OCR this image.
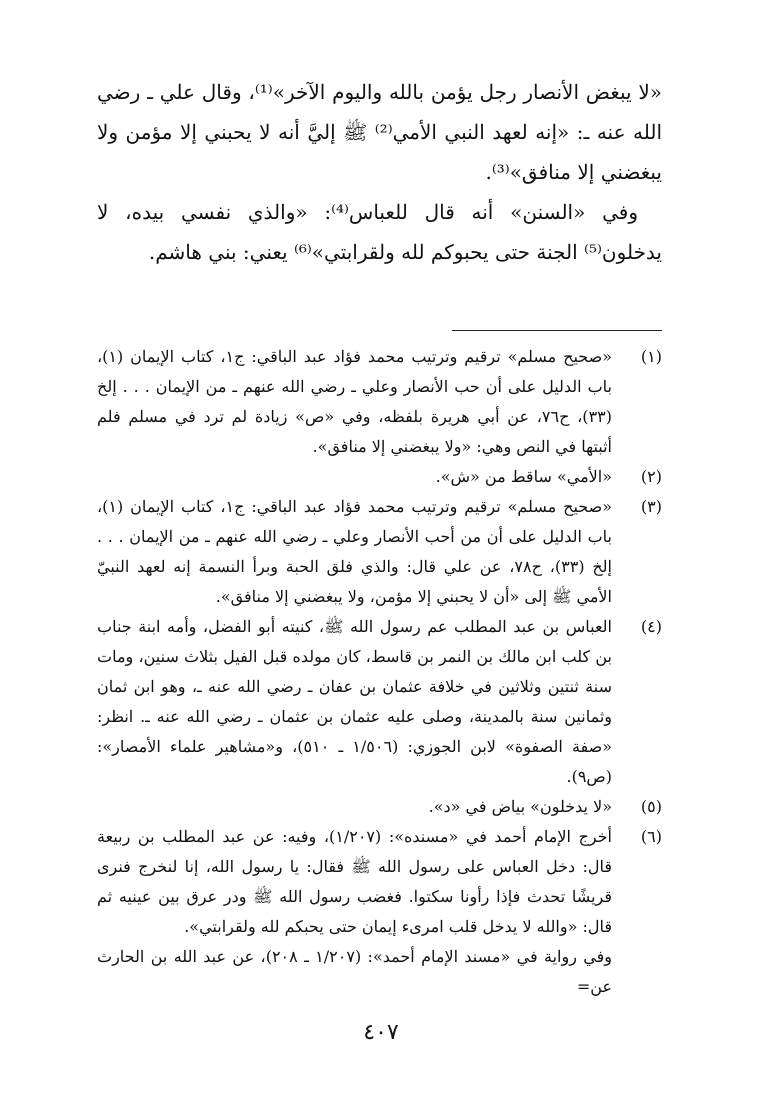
«لا يبغض الأنصار رجل يؤمن بالله واليوم الآخر»⁽¹⁾، وقال علي ـ رضي الله عنه ـ: «إنه لعهد النبي الأمي⁽²⁾ ﷺ إليَّ أنه لا يحبني إلا مؤمن ولا يبغضني إلا منافق»⁽³⁾.

وفي «السنن» أنه قال للعباس⁽⁴⁾: «والذي نفسي بيده، لا يدخلون⁽⁵⁾ الجنة حتى يحبوكم لله ولقرابتي»⁽⁶⁾ يعني: بني هاشم.

(١)

«صحيح مسلم» ترقيم وترتيب محمد فؤاد عبد الباقي: ج١، كتاب الإيمان (١)، باب الدليل على أن حب الأنصار وعلي ـ رضي الله عنهم ـ من الإيمان . . . إلخ (٣٣)، ح٧٦، عن أبي هريرة بلفظه، وفي «ص» زيادة لم ترد في مسلم فلم أثبتها في النص وهي: «ولا يبغضني إلا منافق».

(٢)

«الأمي» ساقط من «ش».

(٣)

«صحيح مسلم» ترقيم وترتيب محمد فؤاد عبد الباقي: ج١، كتاب الإيمان (١)، باب الدليل على أن من أحب الأنصار وعلي ـ رضي الله عنهم ـ من الإيمان . . . إلخ (٣٣)، ح٧٨، عن علي قال: والذي فلق الحبة وبرأ النسمة إنه لعهد النبيّ الأمي ﷺ إلى «أن لا يحبني إلا مؤمن، ولا يبغضني إلا منافق».

(٤)

العباس بن عبد المطلب عم رسول الله ﷺ، كنيته أبو الفضل، وأمه ابنة جناب بن كلب ابن مالك بن النمر بن قاسط، كان مولده قبل الفيل بثلاث سنين، ومات سنة ثنتين وثلاثين في خلافة عثمان بن عفان ـ رضي الله عنه ـ، وهو ابن ثمان وثمانين سنة بالمدينة، وصلى عليه عثمان بن عثمان ـ رضي الله عنه ـ. انظر: «صفة الصفوة» لابن الجوزي: (١/٥٠٦ ـ ٥١٠)، و«مشاهير علماء الأمصار»: (ص٩).

(٥)

«لا يدخلون» بياض في «د».

(٦)

أخرج الإمام أحمد في «مسنده»: (١/٢٠٧)، وفيه: عن عبد المطلب بن ربيعة قال: دخل العباس على رسول الله ﷺ فقال: يا رسول الله، إنا لنخرج فنرى قريشًا تحدث فإذا رأونا سكتوا. فغضب رسول الله ﷺ ودر عرق بين عينيه ثم قال: «والله لا يدخل قلب امرىء إيمان حتى يحبكم لله ولقرابتي».

وفي رواية في «مسند الإمام أحمد»: (١/٢٠٧ ـ ٢٠٨)، عن عبد الله بن الحارث عن=

٤٠٧
